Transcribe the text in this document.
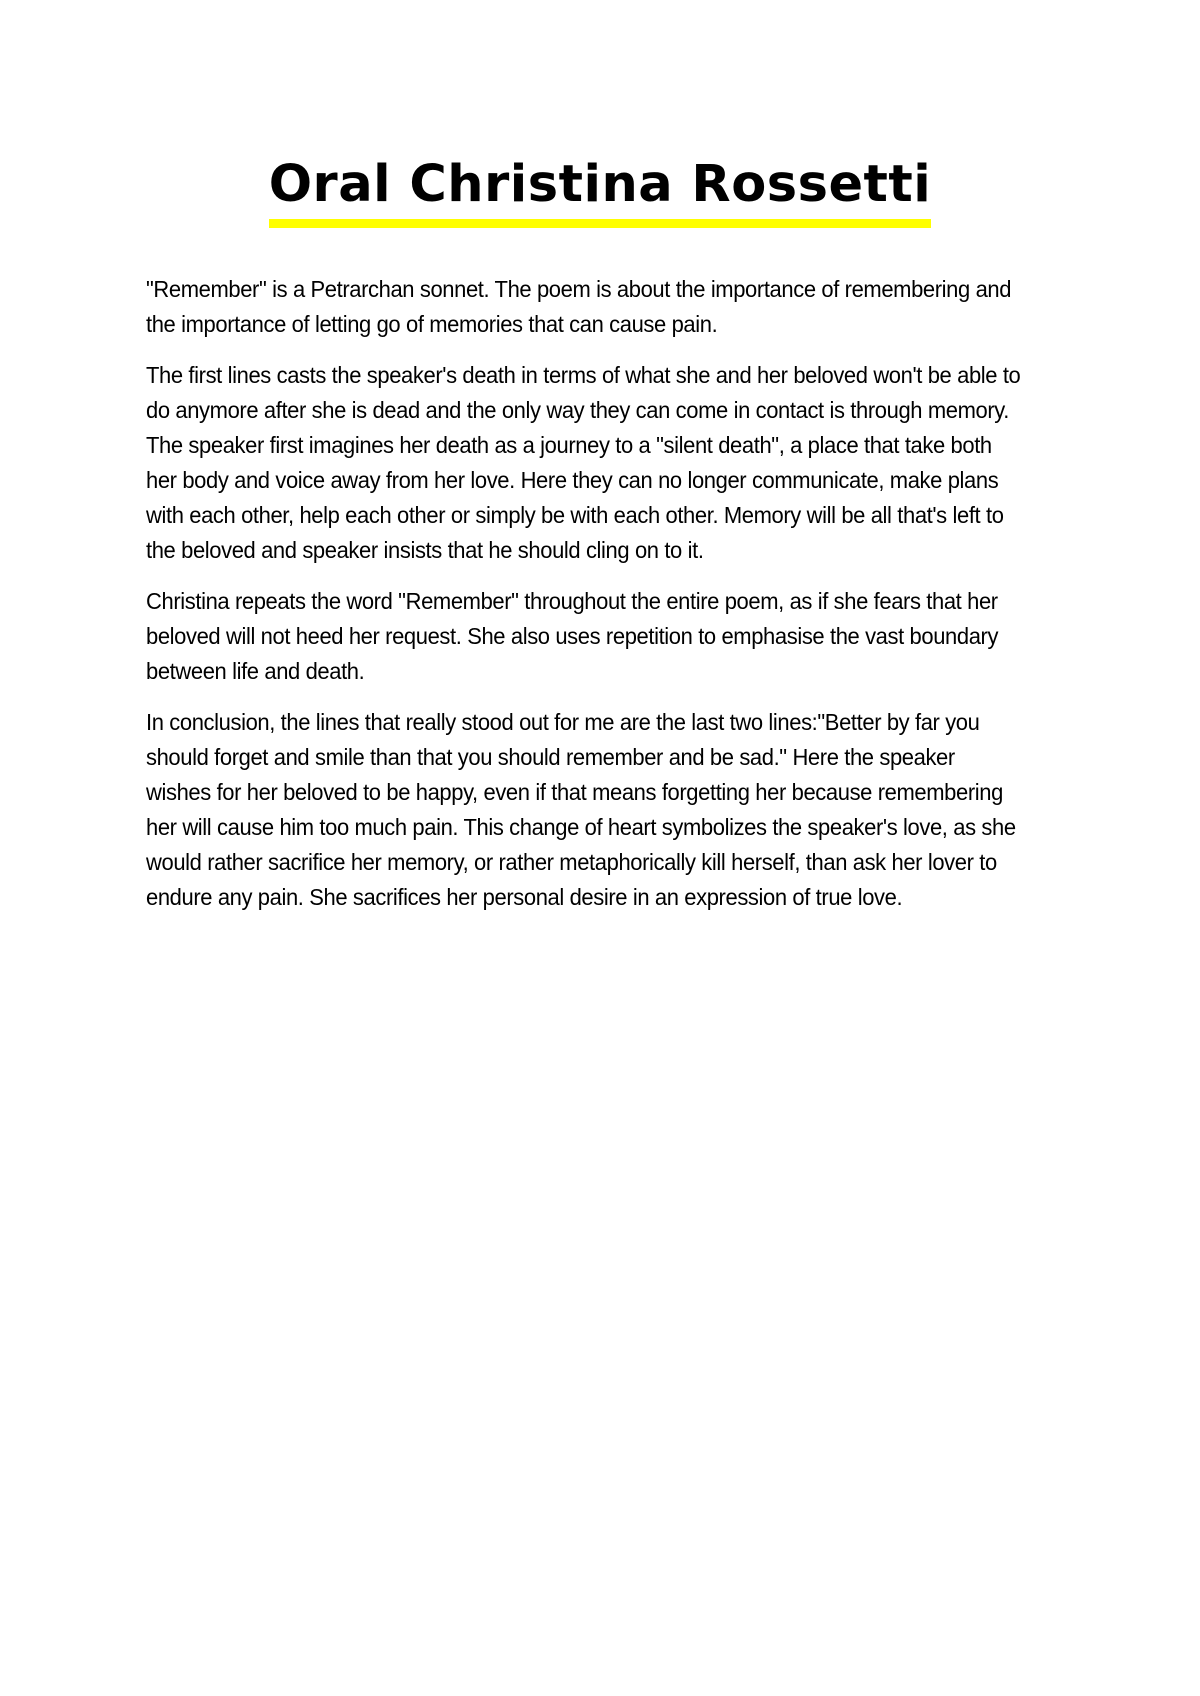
Oral Christina Rossetti

"Remember" is a Petrarchan sonnet. The poem is about the importance of remembering and the importance of letting go of memories that can cause pain.

The first lines casts the speaker's death in terms of what she and her beloved won't be able to do anymore after she is dead and the only way they can come in contact is through memory. The speaker first imagines her death as a journey to a "silent death", a place that take both her body and voice away from her love. Here they can no longer communicate, make plans with each other, help each other or simply be with each other. Memory will be all that's left to the beloved and speaker insists that he should cling on to it.

Christina repeats the word "Remember" throughout the entire poem, as if she fears that her beloved will not heed her request. She also uses repetition to emphasise the vast boundary between life and death.

In conclusion, the lines that really stood out for me are the last two lines:"Better by far you should forget and smile than that you should remember and be sad." Here the speaker wishes for her beloved to be happy, even if that means forgetting her because remembering her will cause him too much pain. This change of heart symbolizes the speaker's love, as she would rather sacrifice her memory, or rather metaphorically kill herself, than ask her lover to endure any pain. She sacrifices her personal desire in an expression of true love.
